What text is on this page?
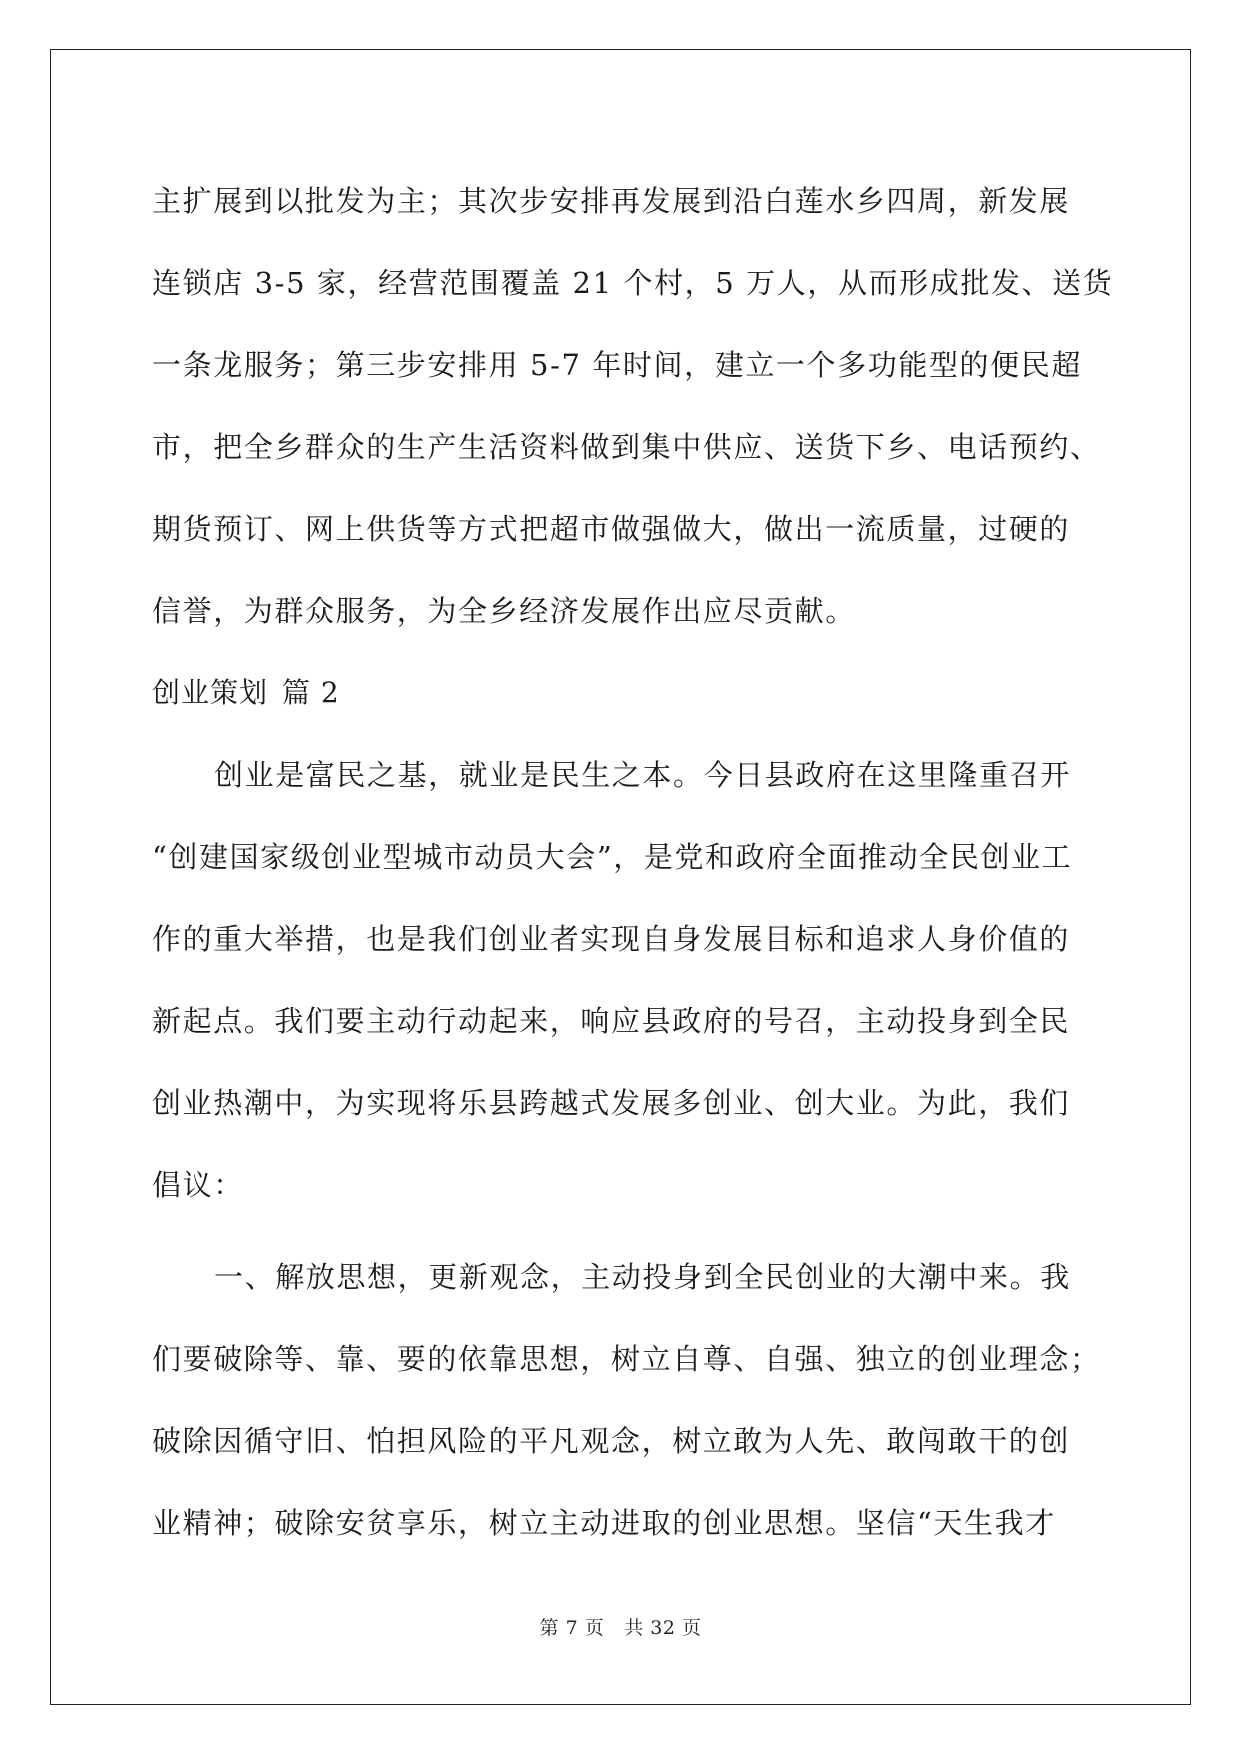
主扩展到以批发为主；其次步安排再发展到沿白莲水乡四周，新发展
连锁店 3-5 家，经营范围覆盖 21 个村，5 万人，从而形成批发、送货
一条龙服务；第三步安排用 5-7 年时间，建立一个多功能型的便民超
市，把全乡群众的生产生活资料做到集中供应、送货下乡、电话预约、
期货预订、网上供货等方式把超市做强做大，做出一流质量，过硬的
信誉，为群众服务，为全乡经济发展作出应尽贡献。
创业策划 篇 2
创业是富民之基，就业是民生之本。今日县政府在这里隆重召开
“创建国家级创业型城市动员大会”，是党和政府全面推动全民创业工
作的重大举措，也是我们创业者实现自身发展目标和追求人身价值的
新起点。我们要主动行动起来，响应县政府的号召，主动投身到全民
创业热潮中，为实现将乐县跨越式发展多创业、创大业。为此，我们
倡议：
一、解放思想，更新观念，主动投身到全民创业的大潮中来。我
们要破除等、靠、要的依靠思想，树立自尊、自强、独立的创业理念；
破除因循守旧、怕担风险的平凡观念，树立敢为人先、敢闯敢干的创
业精神；破除安贫享乐，树立主动进取的创业思想。坚信“天生我才
第 7 页 共 32 页
